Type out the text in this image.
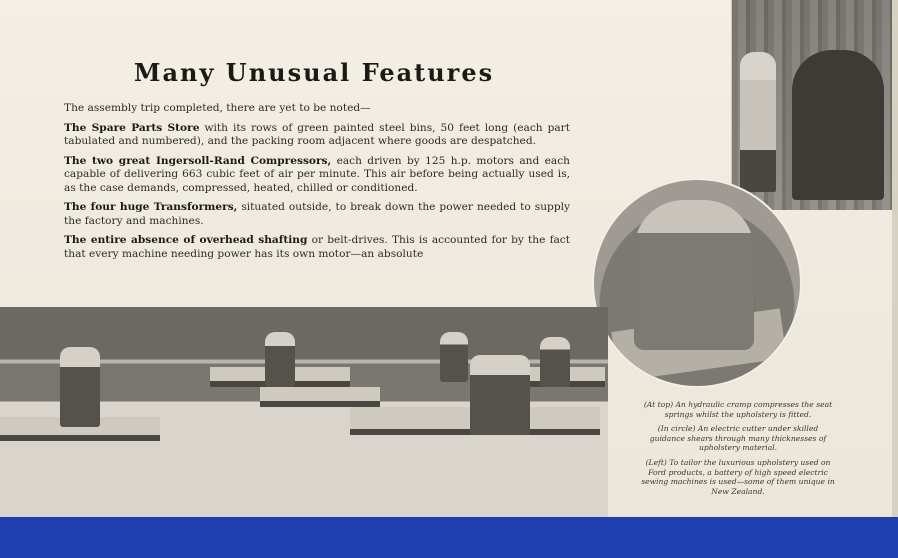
Many Unusual Features

The assembly trip completed, there are yet to be noted—

The Spare Parts Store with its rows of green painted steel bins, 50 feet long (each part tabulated and numbered), and the packing room adjacent where goods are despatched.

The two great Ingersoll-Rand Compressors, each driven by 125 h.p. motors and each capable of delivering 663 cubic feet of air per minute. This air before being actually used is, as the case demands, compressed, heated, chilled or conditioned.

The four huge Transformers, situated outside, to break down the power needed to supply the factory and machines.

The entire absence of overhead shafting or belt-drives. This is accounted for by the fact that every machine needing power has its own motor—an absolute

(At top) An hydraulic cramp compresses the seat springs whilst the upholstery is fitted.

(In circle) An electric cutter under skilled guidance shears through many thicknesses of upholstery material.

(Left) To tailor the luxurious upholstery used on Ford products, a battery of high speed electric sewing machines is used—some of them unique in New Zealand.
